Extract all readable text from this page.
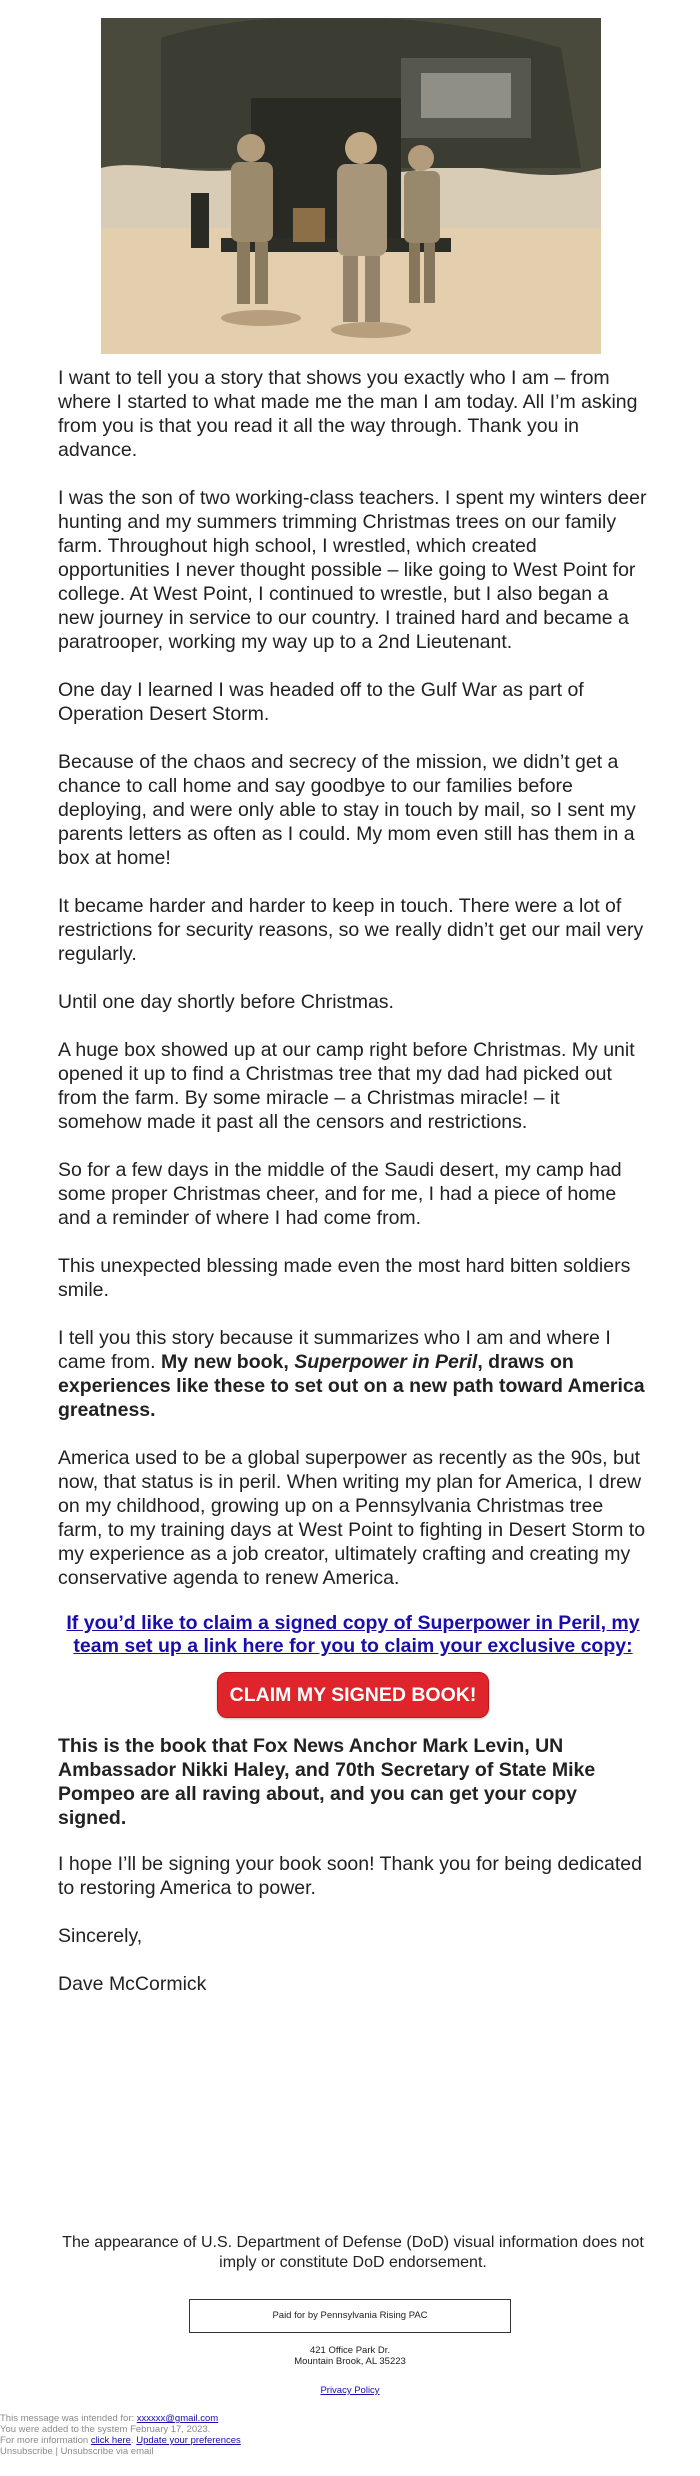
I want to tell you a story that shows you exactly who I am – from where I started to what made me the man I am today. All I’m asking from you is that you read it all the way through. Thank you in advance.

I was the son of two working-class teachers. I spent my winters deer hunting and my summers trimming Christmas trees on our family farm. Throughout high school, I wrestled, which created opportunities I never thought possible – like going to West Point for college. At West Point, I continued to wrestle, but I also began a new journey in service to our country. I trained hard and became a paratrooper, working my way up to a 2nd Lieutenant.

One day I learned I was headed off to the Gulf War as part of Operation Desert Storm.

Because of the chaos and secrecy of the mission, we didn’t get a chance to call home and say goodbye to our families before deploying, and were only able to stay in touch by mail, so I sent my parents letters as often as I could. My mom even still has them in a box at home!

It became harder and harder to keep in touch. There were a lot of restrictions for security reasons, so we really didn’t get our mail very regularly.

Until one day shortly before Christmas.

A huge box showed up at our camp right before Christmas. My unit opened it up to find a Christmas tree that my dad had picked out from the farm. By some miracle – a Christmas miracle! – it somehow made it past all the censors and restrictions.

So for a few days in the middle of the Saudi desert, my camp had some proper Christmas cheer, and for me, I had a piece of home and a reminder of where I had come from.

This unexpected blessing made even the most hard bitten soldiers smile.

I tell you this story because it summarizes who I am and where I came from. My new book, Superpower in Peril, draws on experiences like these to set out on a new path toward America greatness.

America used to be a global superpower as recently as the 90s, but now, that status is in peril. When writing my plan for America, I drew on my childhood, growing up on a Pennsylvania Christmas tree farm, to my training days at West Point to fighting in Desert Storm to my experience as a job creator, ultimately crafting and creating my conservative agenda to renew America.

If you’d like to claim a signed copy of Superpower in Peril, my team set up a link here for you to claim your exclusive copy:
CLAIM MY SIGNED BOOK!

This is the book that Fox News Anchor Mark Levin, UN Ambassador Nikki Haley, and 70th Secretary of State Mike Pompeo are all raving about, and you can get your copy signed.

I hope I’ll be signing your book soon! Thank you for being dedicated to restoring America to power.

Sincerely,

Dave McCormick

The appearance of U.S. Department of Defense (DoD) visual information does not imply or constitute DoD endorsement.
Paid for by Pennsylvania Rising PAC
421 Office Park Dr.
Mountain Brook, AL 35223
Privacy Policy
This message was intended for: xxxxxx@gmail.com
You were added to the system February 17, 2023.
For more information click here. Update your preferences
Unsubscribe | Unsubscribe via email
